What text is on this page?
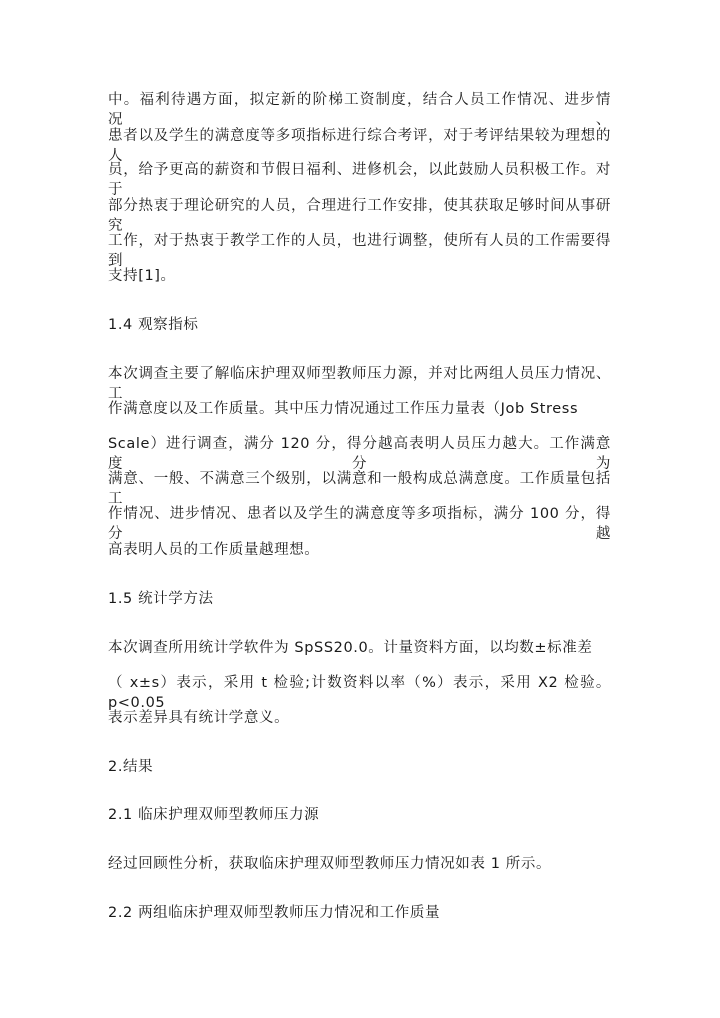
中。福利待遇方面，拟定新的阶梯工资制度，结合人员工作情况、进步情况、
患者以及学生的满意度等多项指标进行综合考评，对于考评结果较为理想的人
员，给予更高的薪资和节假日福利、进修机会，以此鼓励人员积极工作。对于
部分热衷于理论研究的人员，合理进行工作安排，使其获取足够时间从事研究
工作，对于热衷于教学工作的人员，也进行调整，使所有人员的工作需要得到
支持[1]。
1.4 观察指标
本次调查主要了解临床护理双师型教师压力源，并对比两组人员压力情况、工
作满意度以及工作质量。其中压力情况通过工作压力量表（Job Stress
Scale）进行调查，满分 120 分，得分越高表明人员压力越大。工作满意度分为
满意、一般、不满意三个级别，以满意和一般构成总满意度。工作质量包括工
作情况、进步情况、患者以及学生的满意度等多项指标，满分 100 分，得分越
高表明人员的工作质量越理想。
1.5 统计学方法
本次调查所用统计学软件为 SpSS20.0。计量资料方面，以均数±标准差
（ x±s）表示，采用 t 检验;计数资料以率（%）表示，采用 X2 检验。p<0.05
表示差异具有统计学意义。
2.结果
2.1 临床护理双师型教师压力源
经过回顾性分析，获取临床护理双师型教师压力情况如表 1 所示。
2.2 两组临床护理双师型教师压力情况和工作质量
